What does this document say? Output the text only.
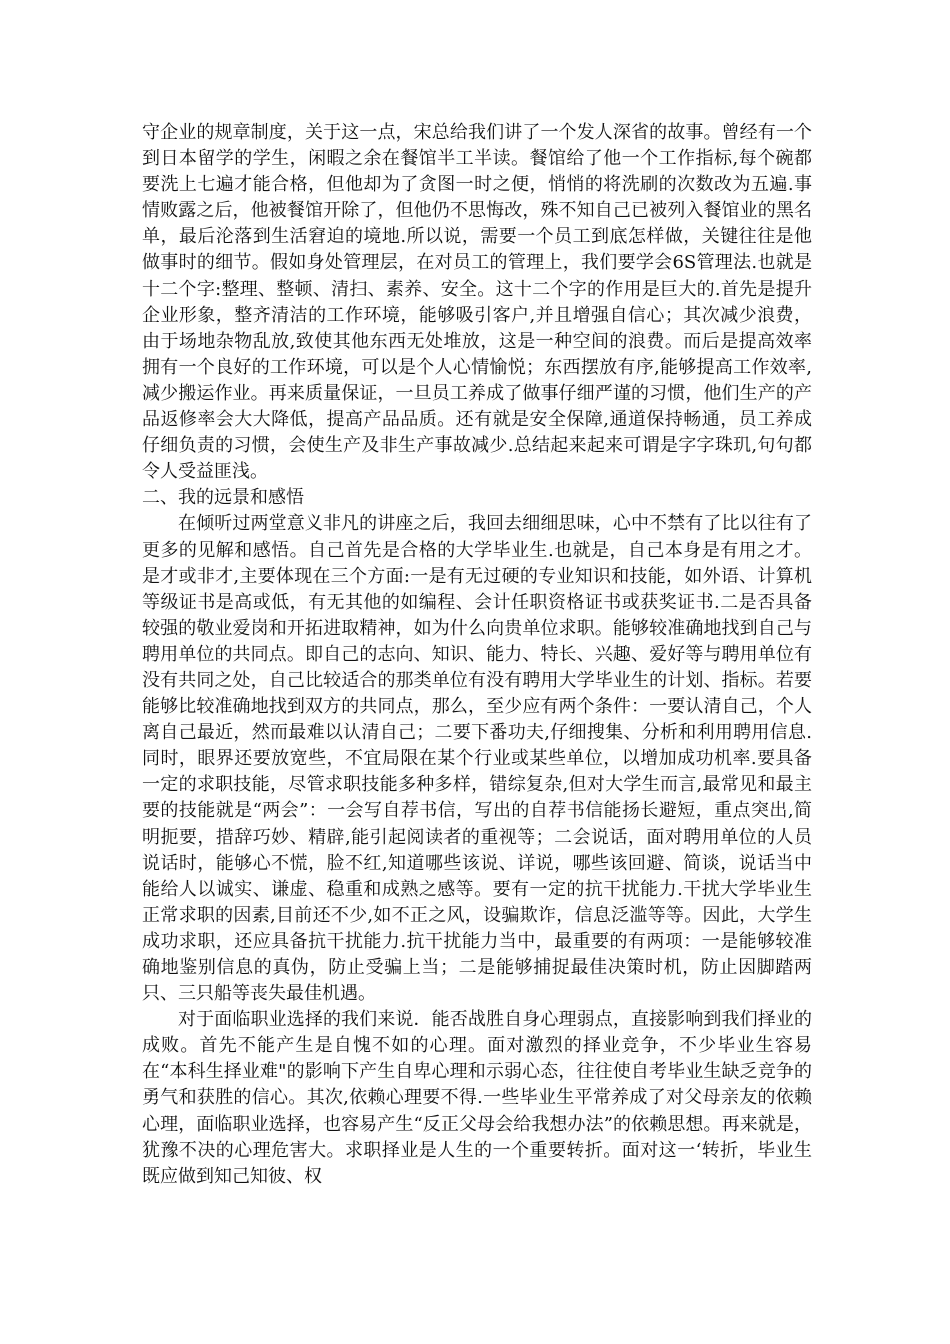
守企业的规章制度，关于这一点，宋总给我们讲了一个发人深省的故事。曾经有一个到日本留学的学生，闲暇之余在餐馆半工半读。餐馆给了他一个工作指标,每个碗都要洗上七遍才能合格，但他却为了贪图一时之便，悄悄的将洗刷的次数改为五遍.事情败露之后，他被餐馆开除了，但他仍不思悔改，殊不知自己已被列入餐馆业的黑名单，最后沦落到生活窘迫的境地.所以说，需要一个员工到底怎样做，关键往往是他做事时的细节。假如身处管理层，在对员工的管理上，我们要学会6S管理法.也就是十二个字:整理、整顿、清扫、素养、安全。这十二个字的作用是巨大的.首先是提升企业形象，整齐清洁的工作环境，能够吸引客户,并且增强自信心；其次减少浪费，由于场地杂物乱放,致使其他东西无处堆放，这是一种空间的浪费。而后是提高效率拥有一个良好的工作环境，可以是个人心情愉悦；东西摆放有序,能够提高工作效率,减少搬运作业。再来质量保证，一旦员工养成了做事仔细严谨的习惯，他们生产的产品返修率会大大降低，提高产品品质。还有就是安全保障,通道保持畅通，员工养成仔细负责的习惯，会使生产及非生产事故减少.总结起来起来可谓是字字珠玑,句句都令人受益匪浅。

二、我的远景和感悟

在倾听过两堂意义非凡的讲座之后，我回去细细思味，心中不禁有了比以往有了更多的见解和感悟。自己首先是合格的大学毕业生.也就是，自己本身是有用之才。是才或非才,主要体现在三个方面:一是有无过硬的专业知识和技能，如外语、计算机等级证书是高或低，有无其他的如编程、会计任职资格证书或获奖证书.二是否具备较强的敬业爱岗和开拓进取精神，如为什么向贵单位求职。能够较准确地找到自己与聘用单位的共同点。即自己的志向、知识、能力、特长、兴趣、爱好等与聘用单位有没有共同之处，自己比较适合的那类单位有没有聘用大学毕业生的计划、指标。若要能够比较准确地找到双方的共同点，那么，至少应有两个条件：一要认清自己，个人离自己最近，然而最难以认清自己；二要下番功夫,仔细搜集、分析和利用聘用信息.同时，眼界还要放宽些，不宜局限在某个行业或某些单位，以增加成功机率.要具备一定的求职技能，尽管求职技能多种多样，错综复杂,但对大学生而言,最常见和最主要的技能就是“两会”：一会写自荐书信，写出的自荐书信能扬长避短，重点突出,简明扼要，措辞巧妙、精辟,能引起阅读者的重视等；二会说话，面对聘用单位的人员说话时，能够心不慌，脸不红,知道哪些该说、详说，哪些该回避、简谈，说话当中能给人以诚实、谦虚、稳重和成熟之感等。要有一定的抗干扰能力.干扰大学毕业生正常求职的因素,目前还不少,如不正之风，设骗欺诈，信息泛滥等等。因此，大学生成功求职，还应具备抗干扰能力.抗干扰能力当中，最重要的有两项：一是能够较准确地鉴别信息的真伪，防止受骗上当；二是能够捕捉最佳决策时机，防止因脚踏两只、三只船等丧失最佳机遇。

对于面临职业选择的我们来说．能否战胜自身心理弱点，直接影响到我们择业的成败。首先不能产生是自愧不如的心理。面对激烈的择业竞争，不少毕业生容易在“本科生择业难"的影响下产生自卑心理和示弱心态，往往使自考毕业生缺乏竞争的勇气和获胜的信心。其次,依赖心理要不得.一些毕业生平常养成了对父母亲友的依赖心理，面临职业选择，也容易产生“反正父母会给我想办法”的依赖思想。再来就是，犹豫不决的心理危害大。求职择业是人生的一个重要转折。面对这一‘转折，毕业生既应做到知己知彼、权
